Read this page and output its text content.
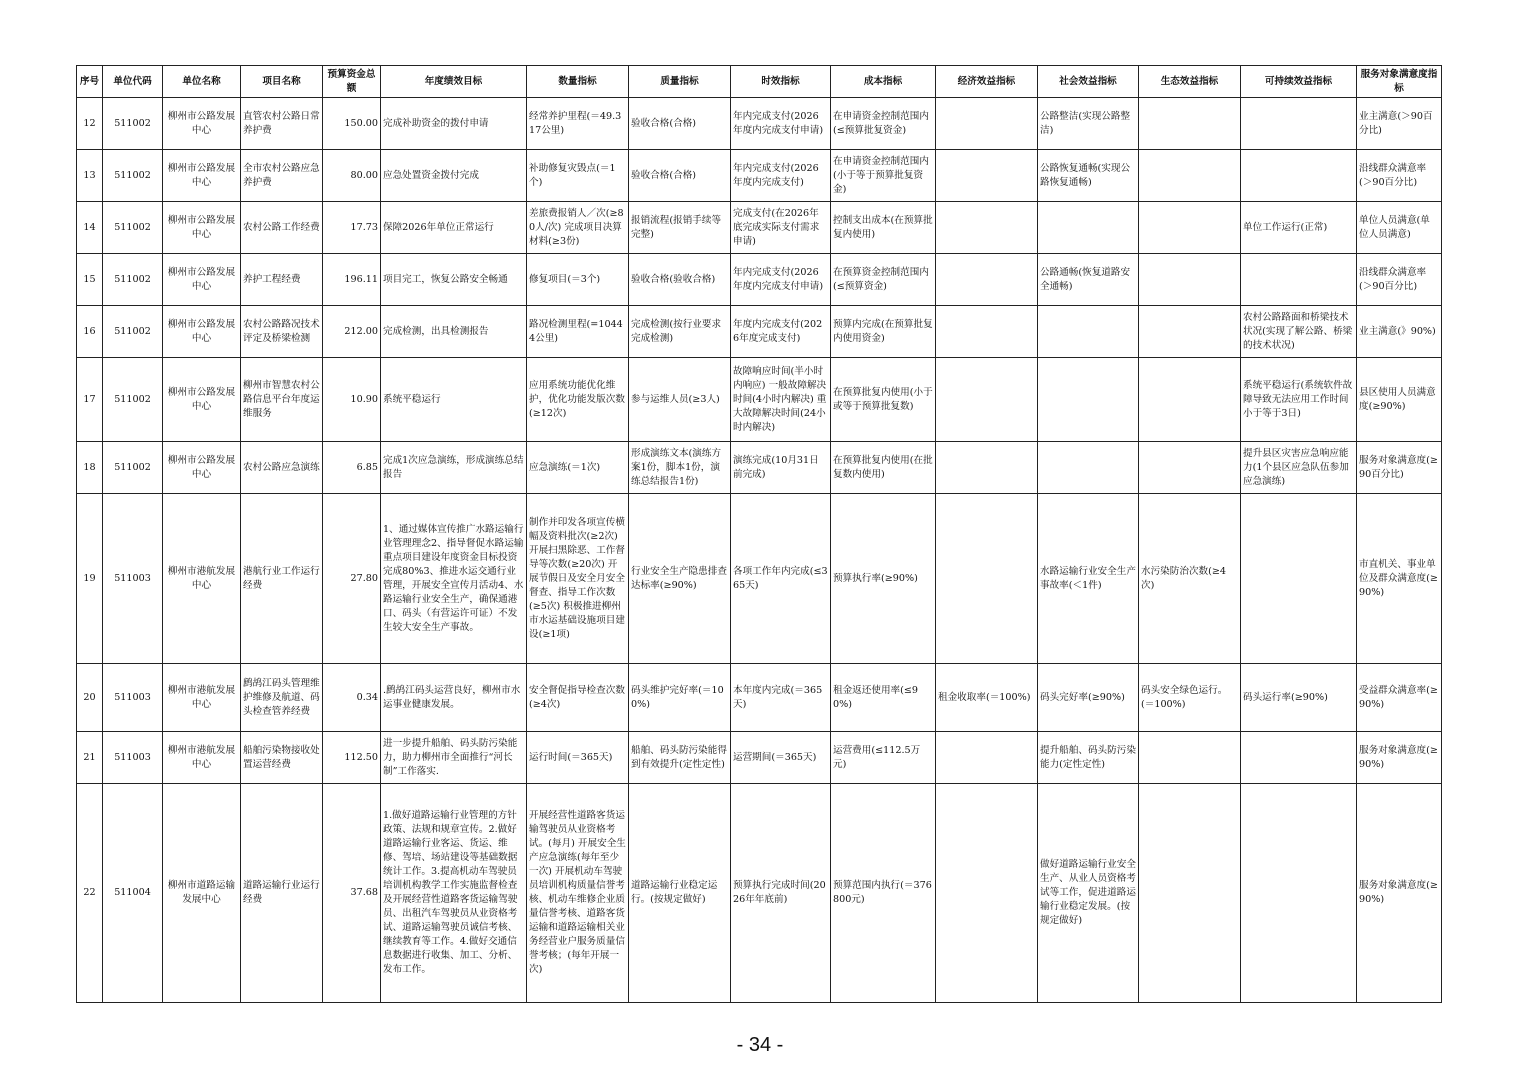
序号	单位代码	单位名称	项目名称	预算资金总额	年度绩效目标	数量指标	质量指标	时效指标	成本指标	经济效益指标	社会效益指标	生态效益指标	可持续效益指标	服务对象满意度指标
12	511002	柳州市公路发展中心	直管农村公路日常养护费	150.00	完成补助资金的拨付申请	经常养护里程(＝49.317公里)	验收合格(合格)	年内完成支付(2026年度内完成支付申请)	在申请资金控制范围内(≤预算批复资金)		公路整洁(实现公路整洁)			业主满意(＞90百分比)
13	511002	柳州市公路发展中心	全市农村公路应急养护费	80.00	应急处置资金拨付完成	补助修复灾毁点(＝1个)	验收合格(合格)	年内完成支付(2026年度内完成支付)	在申请资金控制范围内(小于等于预算批复资金)		公路恢复通畅(实现公路恢复通畅)			沿线群众满意率(＞90百分比)
14	511002	柳州市公路发展中心	农村公路工作经费	17.73	保障2026年单位正常运行	差旅费报销人／次(≥80人/次) 完成项目决算材料(≥3份)	报销流程(报销手续等完整)	完成支付(在2026年底完成实际支付需求申请)	控制支出成本(在预算批复内使用)				单位工作运行(正常)	单位人员满意(单位人员满意)
15	511002	柳州市公路发展中心	养护工程经费	196.11	项目完工，恢复公路安全畅通	修复项目(＝3个)	验收合格(验收合格)	年内完成支付(2026年度内完成支付申请)	在预算资金控制范围内(≤预算资金)		公路通畅(恢复道路安全通畅)			沿线群众满意率(＞90百分比)
16	511002	柳州市公路发展中心	农村公路路况技术评定及桥梁检测	212.00	完成检测，出具检测报告	路况检测里程(=10444公里)	完成检测(按行业要求完成检测)	年度内完成支付(2026年度完成支付)	预算内完成(在预算批复内使用资金)				农村公路路面和桥梁技术状况(实现了解公路、桥梁的技术状况)	业主满意(》90%)
17	511002	柳州市公路发展中心	柳州市智慧农村公路信息平台年度运维服务	10.90	系统平稳运行	应用系统功能优化维护，优化功能发版次数(≥12次)	参与运维人员(≥3人)	故障响应时间(半小时内响应) 一般故障解决时间(4小时内解决) 重大故障解决时间(24小时内解决)	在预算批复内使用(小于或等于预算批复数)				系统平稳运行(系统软件故障导致无法应用工作时间小于等于3日)	县区使用人员满意度(≥90%)
18	511002	柳州市公路发展中心	农村公路应急演练	6.85	完成1次应急演练，形成演练总结报告	应急演练(＝1次)	形成演练文本(演练方案1份，脚本1份，演练总结报告1份)	演练完成(10月31日前完成)	在预算批复内使用(在批复数内使用)				提升县区灾害应急响应能力(1个县区应急队伍参加应急演练)	服务对象满意度(≥90百分比)
19	511003	柳州市港航发展中心	港航行业工作运行经费	27.80	1、通过媒体宣传推广水路运输行业管理理念2、指导督促水路运输重点项目建设年度资金目标投资完成80%3、推进水运交通行业管理，开展安全宣传月活动4、水路运输行业安全生产，确保通港口、码头（有营运许可证）不发生较大安全生产事故。	制作并印发各项宣传横幅及资料批次(≥2次) 开展扫黑除恶、工作督导等次数(≥20次) 开展节假日及安全月安全督查、指导工作次数(≥5次) 积极推进柳州市水运基础设施项目建设(≥1项)	行业安全生产隐患排查达标率(≥90%)	各项工作年内完成(≤365天)	预算执行率(≥90%)		水路运输行业安全生产事故率(＜1件)	水污染防治次数(≥4次)		市直机关、事业单位及群众满意度(≥90%)
20	511003	柳州市港航发展中心	鹧鸪江码头管理维护维修及航道、码头检查管养经费	0.34	.鹧鸪江码头运营良好，柳州市水运事业健康发展。	安全督促指导检查次数(≥4次)	码头维护完好率(＝100%)	本年度内完成(＝365天)	租金返还使用率(≤90%)	租金收取率(＝100%)	码头完好率(≥90%)	码头安全绿色运行。(＝100%)	码头运行率(≥90%)	受益群众满意率(≥90%)
21	511003	柳州市港航发展中心	船舶污染物接收处置运营经费	112.50	进一步提升船舶、码头防污染能力，助力柳州市全面推行“河长制”工作落实.	运行时间(＝365天)	船舶、码头防污染能得到有效提升(定性定性)	运营期间(＝365天)	运营费用(≤112.5万元)		提升船舶、码头防污染能力(定性定性)			服务对象满意度(≥90%)
22	511004	柳州市道路运输发展中心	道路运输行业运行经费	37.68	1.做好道路运输行业管理的方针政策、法规和规章宣传。2.做好道路运输行业客运、货运、维修、驾培、场站建设等基础数据统计工作。3.提高机动车驾驶员培训机构教学工作实施监督检查及开展经营性道路客货运输驾驶员、出租汽车驾驶员从业资格考试、道路运输驾驶员诚信考核、继续教育等工作。4.做好交通信息数据进行收集、加工、分析、发布工作。	开展经营性道路客货运输驾驶员从业资格考试。(每月) 开展安全生产应急演练(每年至少一次) 开展机动车驾驶员培训机构质量信誉考核、机动车维修企业质量信誉考核、道路客货运输和道路运输相关业务经营业户服务质量信誉考核；(每年开展一次)	道路运输行业稳定运行。(按规定做好)	预算执行完成时间(2026年年底前)	预算范围内执行(＝376800元)		做好道路运输行业安全生产、从业人员资格考试等工作，促进道路运输行业稳定发展。(按规定做好)			服务对象满意度(≥90%)
- 34 -
